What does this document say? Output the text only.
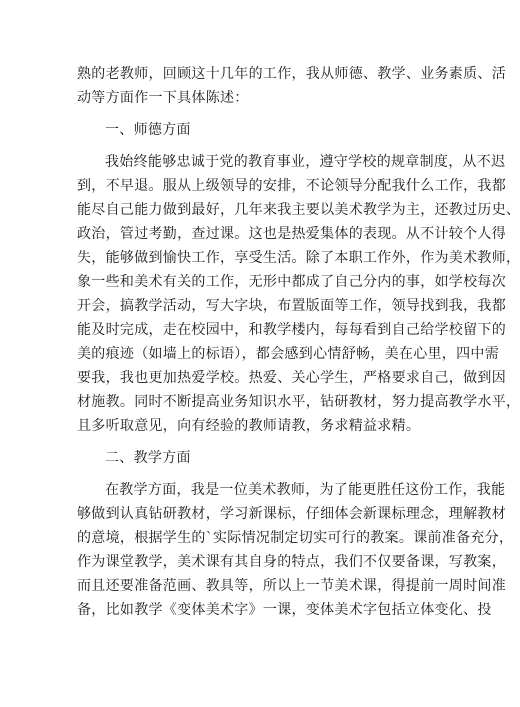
熟的老教师，回顾这十几年的工作，我从师德、教学、业务素质、活
动等方面作一下具体陈述：
一、师德方面
我始终能够忠诚于党的教育事业，遵守学校的规章制度，从不迟
到，不早退。服从上级领导的安排，不论领导分配我什么工作，我都
能尽自己能力做到最好，几年来我主要以美术教学为主，还教过历史、
政治，管过考勤，查过课。这也是热爱集体的表现。从不计较个人得
失，能够做到愉快工作，享受生活。除了本职工作外，作为美术教师，
象一些和美术有关的工作，无形中都成了自己分内的事，如学校每次
开会，搞教学活动，写大字块，布置版面等工作，领导找到我，我都
能及时完成，走在校园中，和教学楼内，每每看到自己给学校留下的
美的痕迹（如墙上的标语），都会感到心情舒畅，美在心里，四中需
要我，我也更加热爱学校。热爱、关心学生，严格要求自己，做到因
材施教。同时不断提高业务知识水平，钻研教材，努力提高教学水平，
且多听取意见，向有经验的教师请教，务求精益求精。
二、教学方面
在教学方面，我是一位美术教师，为了能更胜任这份工作，我能
够做到认真钻研教材，学习新课标，仔细体会新课标理念，理解教材
的意境，根据学生的`实际情况制定切实可行的教案。课前准备充分，
作为课堂教学，美术课有其自身的特点，我们不仅要备课，写教案，
而且还要准备范画、教具等，所以上一节美术课，得提前一周时间准
备，比如教学《变体美术字》一课，变体美术字包括立体变化、投
